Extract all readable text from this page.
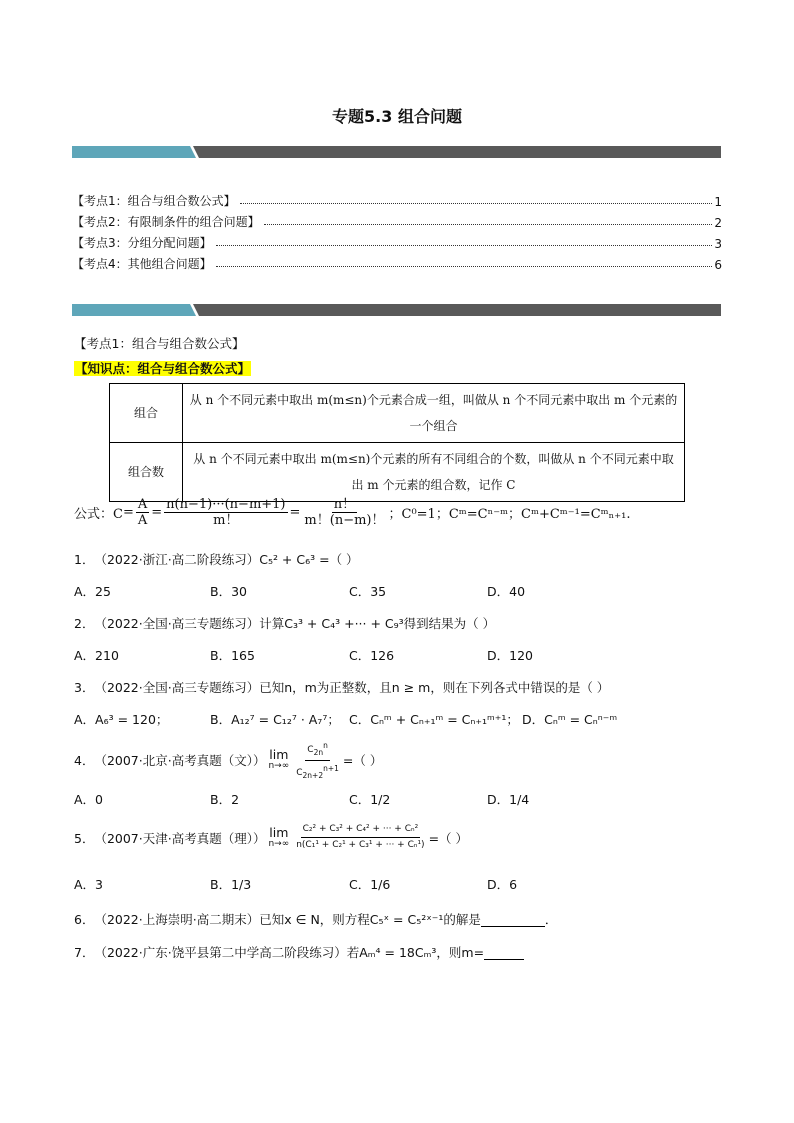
专题5.3 组合问题
【考点1：组合与组合数公式】	1
【考点2：有限制条件的组合问题】	2
【考点3：分组分配问题】	3
【考点4：其他组合问题】	6
【考点1：组合与组合数公式】
【知识点：组合与组合数公式】
组合	从 n 个不同元素中取出 m(m≤n)个元素合成一组，叫做从 n 个不同元素中取出 m 个元素的一个组合
组合数	从 n 个不同元素中取出 m(m≤n)个元素的所有不同组合的个数，叫做从 n 个不同元素中取出 m 个元素的组合数，记作 C
公式：$C = \frac{A}{A} = \frac{n(n-1)\cdot\cdot\cdot(n-m+1)}{m!} = \frac{n!}{m!(n-m)!}$ ；C⁰=1；Cᵐ=Cⁿ⁻ᵐ；Cᵐ+Cᵐ⁻¹=Cᵐₙ₊₁.
1． （2022·浙江·高二阶段练习）C₅² + C₆³ =（ ）
A．25	B．30	C．35	D．40
2． （2022·全国·高三专题练习）计算C₃³ + C₄³ +··· + C₉³得到结果为（ ）
A．210	B．165	C．126	D．120
3． （2022·全国·高三专题练习）已知n，m为正整数，且n ≥ m，则在下列各式中错误的是（ ）
A．A₆³ = 120；	B．A₁₂⁷ = C₁₂⁷ · A₇⁷； C．Cₙᵐ + Cₙ₊₁ᵐ = Cₙ₊₁ᵐ⁺¹； D．Cₙᵐ = Cₙⁿ⁻ᵐ
4． （2007·北京·高考真题（文）） lim
$n\to\infty \frac{C_{2n}^n}{C_{2n+2}^{n+1}}$ =（ ）
A．0	B．2	C．1/2	D．1/4
5． （2007·天津·高考真题（理）） lim
$n\to\infty \frac{\text{C₂² + C₃² + C₄² + ··· + Cₙ²}}{\text{n(C₁¹ + C₂¹ + C₃¹ + ··· + Cₙ¹)}}$ =（ ）
A．3	B．1/3	C．1/6	D．6
6． （2022·上海崇明·高二期末）已知x ∈ N，则方程C₅ˣ = C₅²ˣ⁻¹的解是
	．
7． （2022·广东·饶平县第二中学高二阶段练习）若Aₘ⁴ = 18Cₘ³，则m=
